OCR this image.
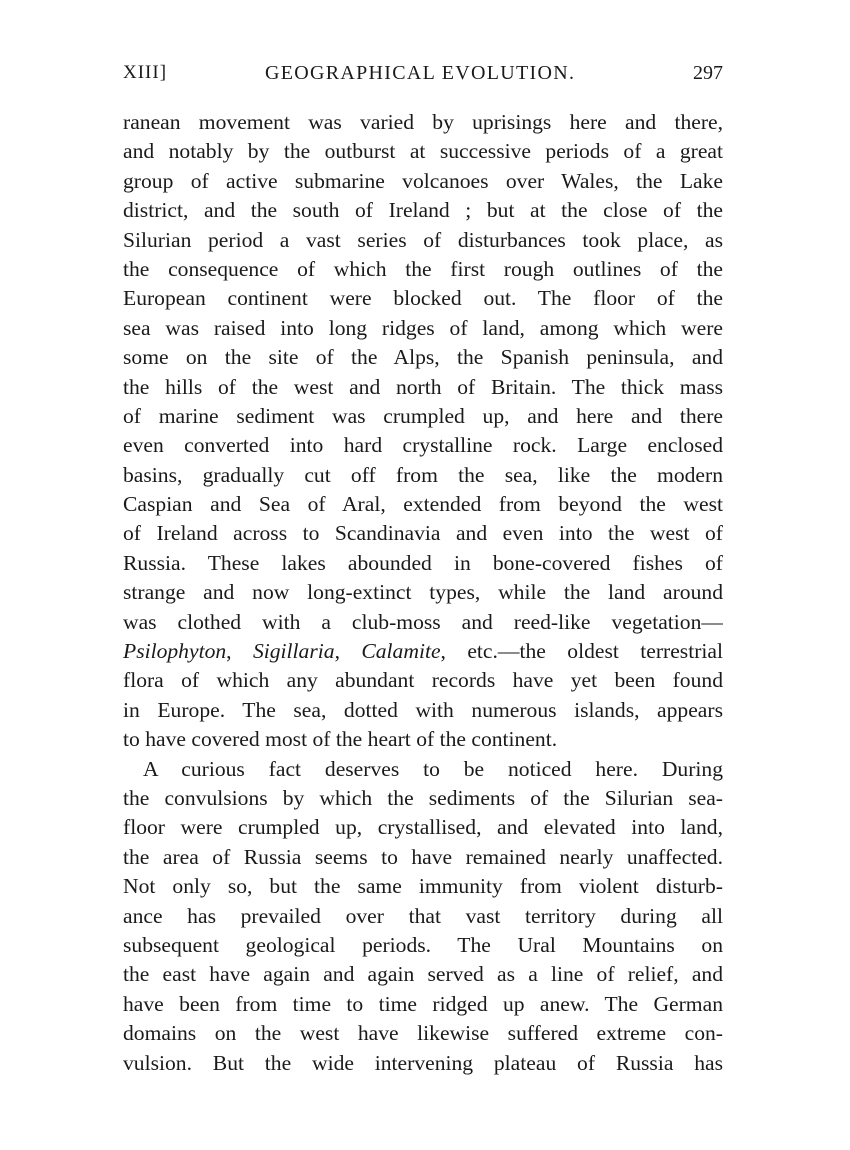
XIII]	GEOGRAPHICAL EVOLUTION.	297
ranean movement was varied by uprisings here and there,
and notably by the outburst at successive periods of a great
group of active submarine volcanoes over Wales, the Lake
district, and the south of Ireland ; but at the close of the
Silurian period a vast series of disturbances took place, as
the consequence of which the first rough outlines of the
European continent were blocked out. The floor of the
sea was raised into long ridges of land, among which were
some on the site of the Alps, the Spanish peninsula, and
the hills of the west and north of Britain. The thick mass
of marine sediment was crumpled up, and here and there
even converted into hard crystalline rock. Large enclosed
basins, gradually cut off from the sea, like the modern
Caspian and Sea of Aral, extended from beyond the west
of Ireland across to Scandinavia and even into the west of
Russia. These lakes abounded in bone-covered fishes of
strange and now long-extinct types, while the land around
was clothed with a club-moss and reed-like vegetation—
Psilophyton, Sigillaria, Calamite, etc.—the oldest terrestrial
flora of which any abundant records have yet been found
in Europe. The sea, dotted with numerous islands, appears
to have covered most of the heart of the continent.
A curious fact deserves to be noticed here. During
the convulsions by which the sediments of the Silurian sea-
floor were crumpled up, crystallised, and elevated into land,
the area of Russia seems to have remained nearly unaffected.
Not only so, but the same immunity from violent disturb-
ance has prevailed over that vast territory during all
subsequent geological periods. The Ural Mountains on
the east have again and again served as a line of relief, and
have been from time to time ridged up anew. The German
domains on the west have likewise suffered extreme con-
vulsion. But the wide intervening plateau of Russia has
